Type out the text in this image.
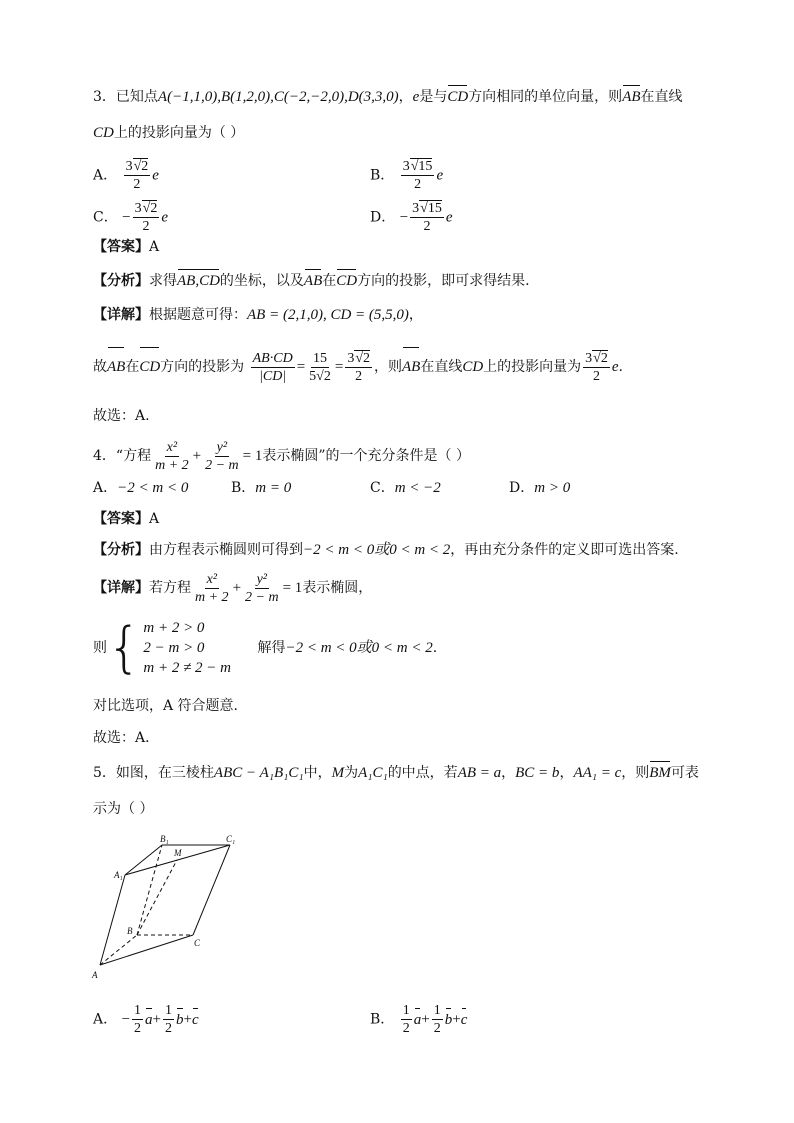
3．已知点A(−1,1,0),B(1,2,0),C(−2,−2,0),D(3,3,0)，e是与CD方向相同的单位向量，则AB在直线
CD上的投影向量为（ ）
A． $\frac{3√2}{2}$ e	B． $\frac{3√15}{2}$ e
C． − $\frac{3√2}{2}$ e	D． − $\frac{3√15}{2}$ e
【答案】A
【分析】求得AB,CD的坐标，以及AB在CD方向的投影，即可求得结果.
【详解】根据题意可得：AB = (2,1,0), CD = (5,5,0)，
故AB在CD方向的投影为 $\frac{AB\cdot CD}{|CD|} = \frac{15}{5√2} = \frac{3√2}{2}$ ，则AB在直线CD上的投影向量为 $\frac{3√2}{2} e$.
故选：A.
4．“方程 $\frac{\text{x²}}{m + 2} + \frac{\text{y²}}{2 - m} = 1$表示椭圆”的一个充分条件是（ ）
A．−2 < m < 0	B．m = 0	C．m < −2	D．m > 0
【答案】A
【分析】由方程表示椭圆则可得到−2 < m < 0或0 < m < 2，再由充分条件的定义即可选出答案.
【详解】若方程 $\frac{\text{x²}}{m + 2} + \frac{\text{y²}}{2 - m} = 1$表示椭圆，
则 { m + 2 > 0
2 − m > 0
m + 2 ≠ 2 − m
解得−2 < m < 0或0 < m < 2.
对比选项，A 符合题意.
故选：A．
5．如图，在三棱柱ABC − A₁B₁C₁中，M为A₁C₁的中点，若AB = a，BC = b，AA₁ = c，则BM可表
示为（ ）
A
B
C
A₁
B₁	C₁
M
A． − $\frac{1}{2} a+ \frac{1}{2} b+c$	B． $\frac{1}{2} a+ \frac{1}{2} b+c$
